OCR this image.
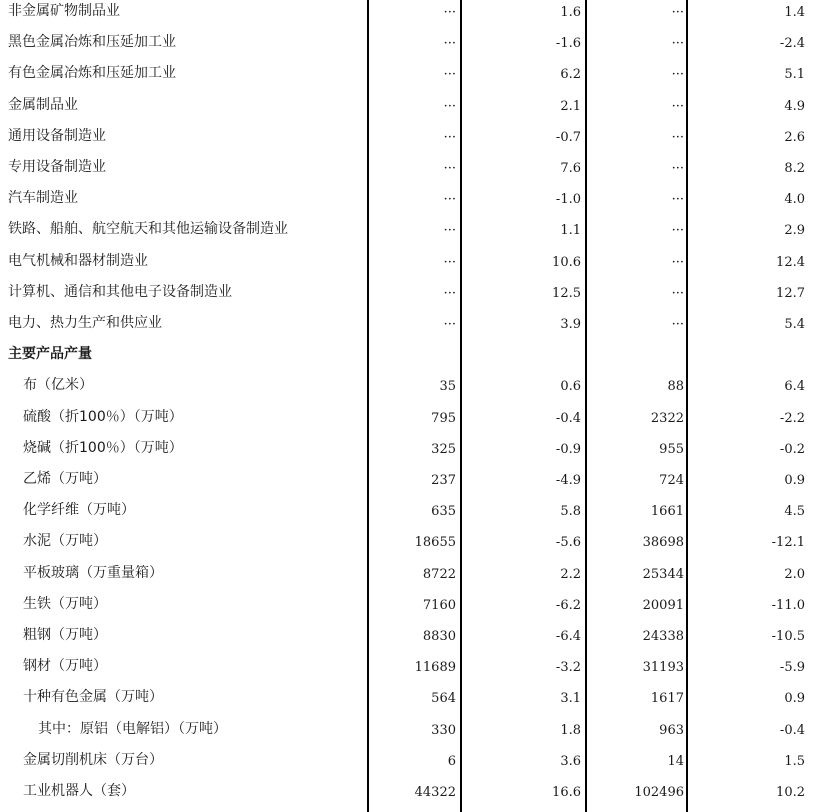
非金属矿物制品业	···	1.6	···	1.4
黑色金属冶炼和压延加工业	···	-1.6	···	-2.4
有色金属冶炼和压延加工业	···	6.2	···	5.1
金属制品业	···	2.1	···	4.9
通用设备制造业	···	-0.7	···	2.6
专用设备制造业	···	7.6	···	8.2
汽车制造业	···	-1.0	···	4.0
铁路、船舶、航空航天和其他运输设备制造业	···	1.1	···	2.9
电气机械和器材制造业	···	10.6	···	12.4
计算机、通信和其他电子设备制造业	···	12.5	···	12.7
电力、热力生产和供应业	···	3.9	···	5.4
主要产品产量
布（亿米）	35	0.6	88	6.4
硫酸（折100％）（万吨）	795	-0.4	2322	-2.2
烧碱（折100％）（万吨）	325	-0.9	955	-0.2
乙烯（万吨）	237	-4.9	724	0.9
化学纤维（万吨）	635	5.8	1661	4.5
水泥（万吨）	18655	-5.6	38698	-12.1
平板玻璃（万重量箱）	8722	2.2	25344	2.0
生铁（万吨）	7160	-6.2	20091	-11.0
粗钢（万吨）	8830	-6.4	24338	-10.5
钢材（万吨）	11689	-3.2	31193	-5.9
十种有色金属（万吨）	564	3.1	1617	0.9
其中：原铝（电解铝）（万吨）	330	1.8	963	-0.4
金属切削机床（万台）	6	3.6	14	1.5
工业机器人（套）	44322	16.6	102496	10.2
